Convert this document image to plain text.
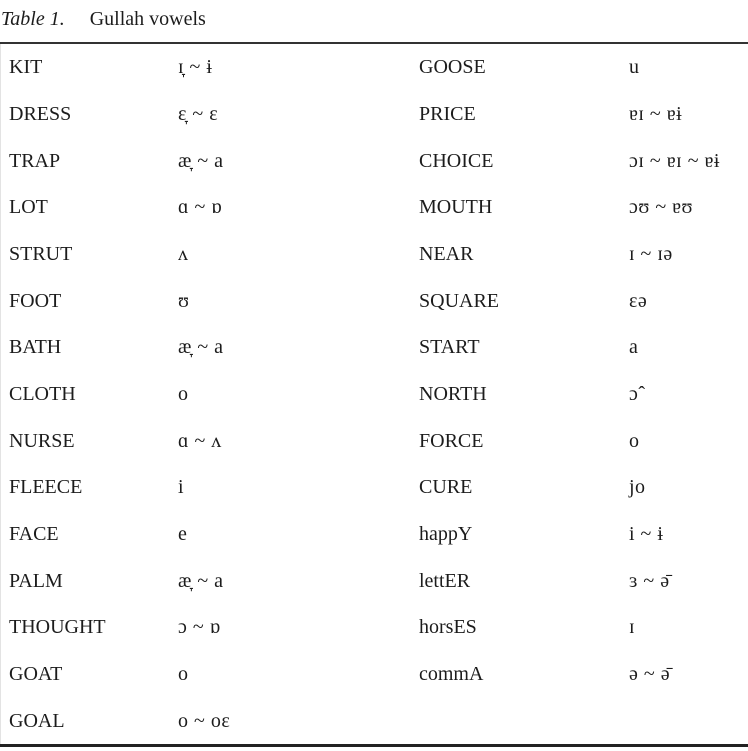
Table 1. Gullah vowels
KIT	ɪ̞ ~ ɨ	GOOSE	u
DRESS	ɛ̞ ~ ɛ	PRICE	ɐɪ ~ ɐɨ
TRAP	æ̞ ~ a	CHOICE	ɔɪ ~ ɐɪ ~ ɐɨ
LOT	ɑ ~ ɒ	MOUTH	ɔʊ ~ ɐʊ
STRUT	ʌ	NEAR	ɪ ~ ɪə
FOOT	ʊ	SQUARE	ɛə
BATH	æ̞ ~ a	START	a
CLOTH	o	NORTH	ɔˆ
NURSE	ɑ ~ ʌ	FORCE	o
FLEECE	i	CURE	jo
FACE	e	happY	i ~ ɨ
PALM	æ̞ ~ a	lettER	ɜ ~ ə̄
THOUGHT	ɔ ~ ɒ	horsES	ɪ
GOAT	o	commA	ə ~ ə̄
GOAL	o ~ oɛ
